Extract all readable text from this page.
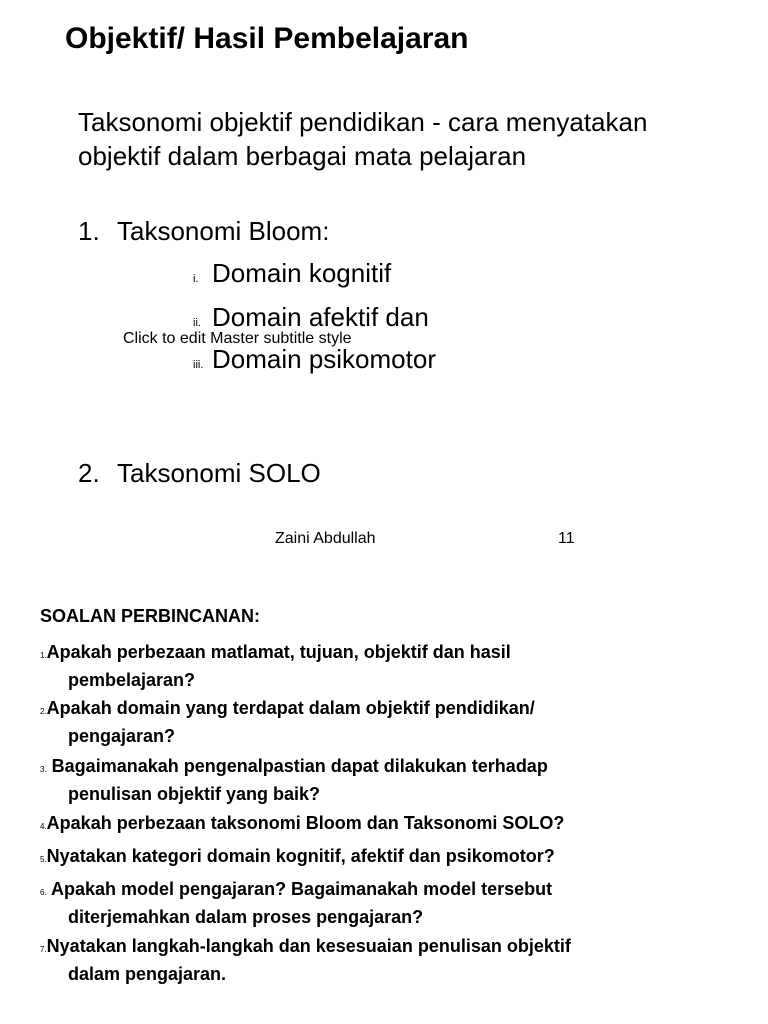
Objektif/ Hasil Pembelajaran
Taksonomi objektif pendidikan - cara menyatakan objektif dalam berbagai mata pelajaran
1. Taksonomi Bloom:
i. Domain kognitif
ii. Domain afektif dan
Click to edit Master subtitle style
iii. Domain psikomotor
2. Taksonomi SOLO
Zaini Abdullah	11
SOALAN PERBINCANAN:
1.Apakah perbezaan matlamat, tujuan, objektif dan hasil
pembelajaran?
2.Apakah domain yang terdapat dalam objektif pendidikan/
pengajaran?
3. Bagaimanakah pengenalpastian dapat dilakukan terhadap
penulisan objektif yang baik?
4.Apakah perbezaan taksonomi Bloom dan Taksonomi SOLO?
5.Nyatakan kategori domain kognitif, afektif dan psikomotor?
6. Apakah model pengajaran? Bagaimanakah model tersebut
diterjemahkan dalam proses pengajaran?
7.Nyatakan langkah-langkah dan kesesuaian penulisan objektif
dalam pengajaran.
